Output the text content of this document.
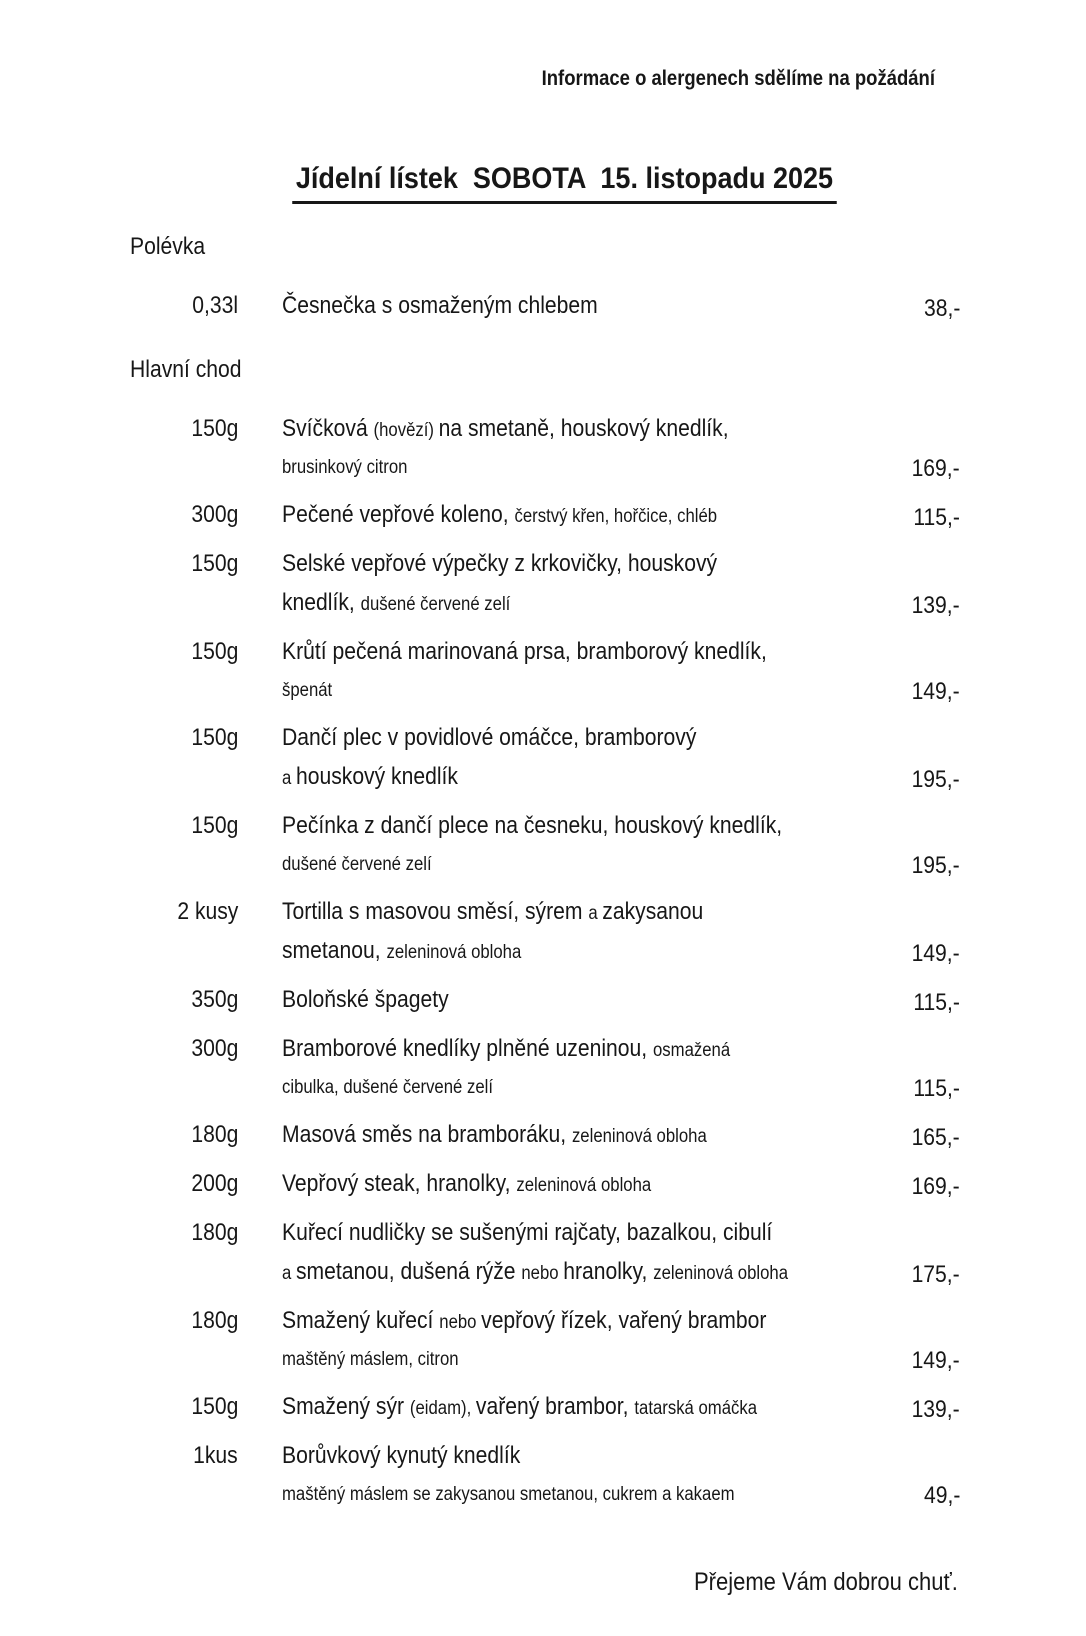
Informace o alergenech sdělíme na požádání

Jídelní lístek  SOBOTA  15. listopadu 2025
Polévka
0,33l Česnečka s osmaženým chlebem	38,-
Hlavní chod
150g Svíčková (hovězí) na smetaně, houskový knedlík,
brusinkový citron	169,-
300g Pečené vepřové koleno, čerstvý křen, hořčice, chléb	115,-
150g Selské vepřové výpečky z krkovičky, houskový
knedlík, dušené červené zelí	139,-
150g Krůtí pečená marinovaná prsa, bramborový knedlík,
špenát	149,-
150g Dančí plec v povidlové omáčce, bramborový
a houskový knedlík	195,-
150g Pečínka z dančí plece na česneku, houskový knedlík,
dušené červené zelí	195,-
2 kusy Tortilla s masovou směsí, sýrem a zakysanou
smetanou, zeleninová obloha	149,-
350g Boloňské špagety	115,-
300g Bramborové knedlíky plněné uzeninou, osmažená
cibulka, dušené červené zelí	115,-
180g Masová směs na bramboráku, zeleninová obloha	165,-
200g Vepřový steak, hranolky, zeleninová obloha	169,-
180g Kuřecí nudličky se sušenými rajčaty, bazalkou, cibulí
a smetanou, dušená rýže nebo hranolky, zeleninová obloha	175,-
180g Smažený kuřecí nebo vepřový řízek, vařený brambor
maštěný máslem, citron	149,-
150g Smažený sýr (eidam), vařený brambor, tatarská omáčka	139,-
1kus Borůvkový kynutý knedlík
maštěný máslem se zakysanou smetanou, cukrem a kakaem	49,-

Přejeme Vám dobrou chuť.
